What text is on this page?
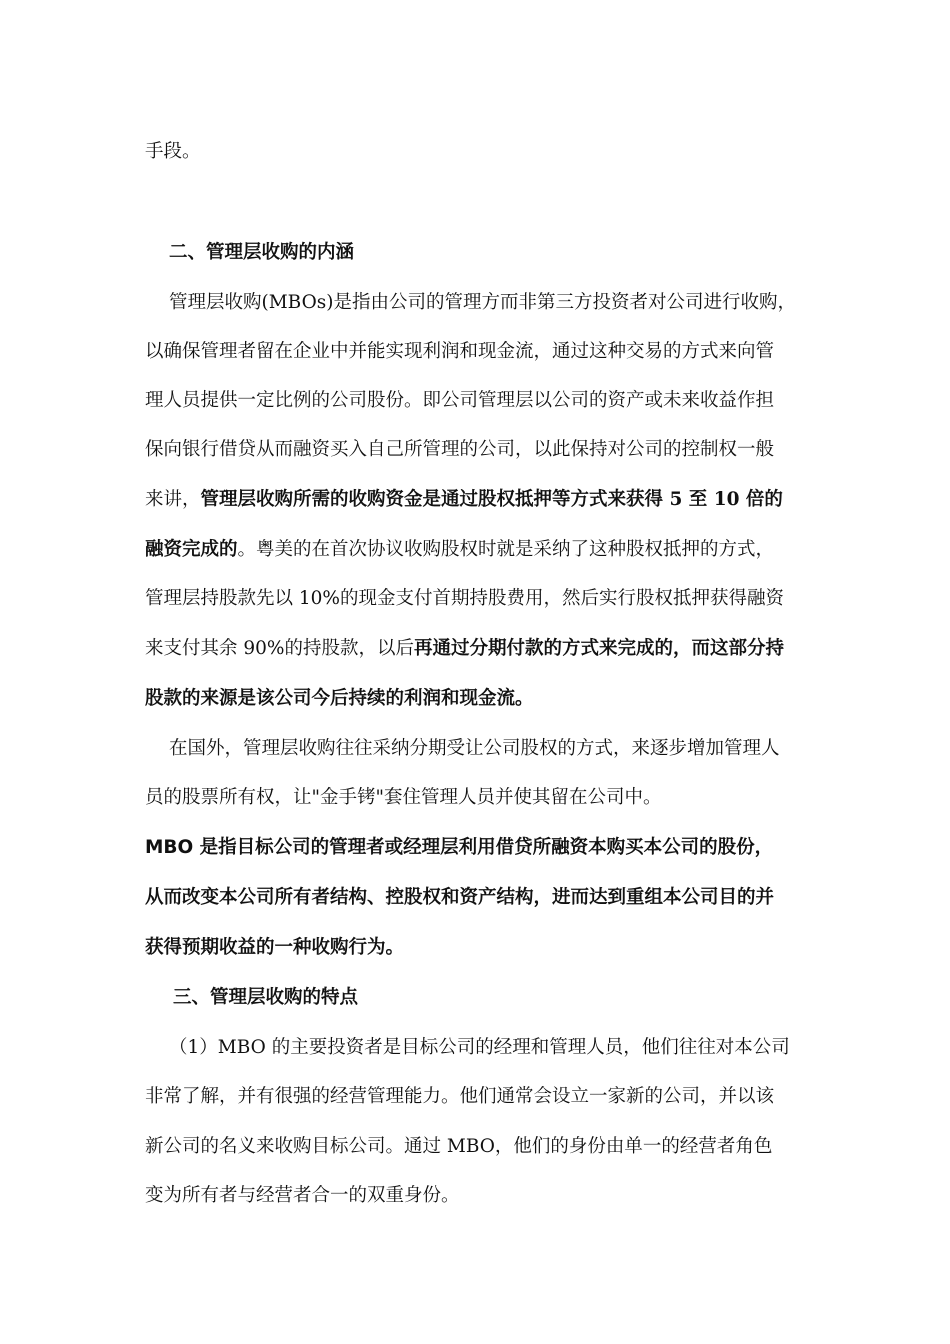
手段。
二、管理层收购的内涵
管理层收购(MBOs)是指由公司的管理方而非第三方投资者对公司进行收购，
以确保管理者留在企业中并能实现利润和现金流，通过这种交易的方式来向管
理人员提供一定比例的公司股份。即公司管理层以公司的资产或未来收益作担
保向银行借贷从而融资买入自己所管理的公司，以此保持对公司的控制权一般
来讲，管理层收购所需的收购资金是通过股权抵押等方式来获得 5 至 10 倍的
融资完成的。粤美的在首次协议收购股权时就是采纳了这种股权抵押的方式，
管理层持股款先以 10%的现金支付首期持股费用，然后实行股权抵押获得融资
来支付其余 90%的持股款，以后再通过分期付款的方式来完成的，而这部分持
股款的来源是该公司今后持续的利润和现金流。
在国外，管理层收购往往采纳分期受让公司股权的方式，来逐步增加管理人
员的股票所有权，让"金手铐"套住管理人员并使其留在公司中。
MBO 是指目标公司的管理者或经理层利用借贷所融资本购买本公司的股份，
从而改变本公司所有者结构、控股权和资产结构，进而达到重组本公司目的并
获得预期收益的一种收购行为。
三、管理层收购的特点
（1）MBO 的主要投资者是目标公司的经理和管理人员，他们往往对本公司
非常了解，并有很强的经营管理能力。他们通常会设立一家新的公司，并以该
新公司的名义来收购目标公司。通过 MBO，他们的身份由单一的经营者角色
变为所有者与经营者合一的双重身份。
